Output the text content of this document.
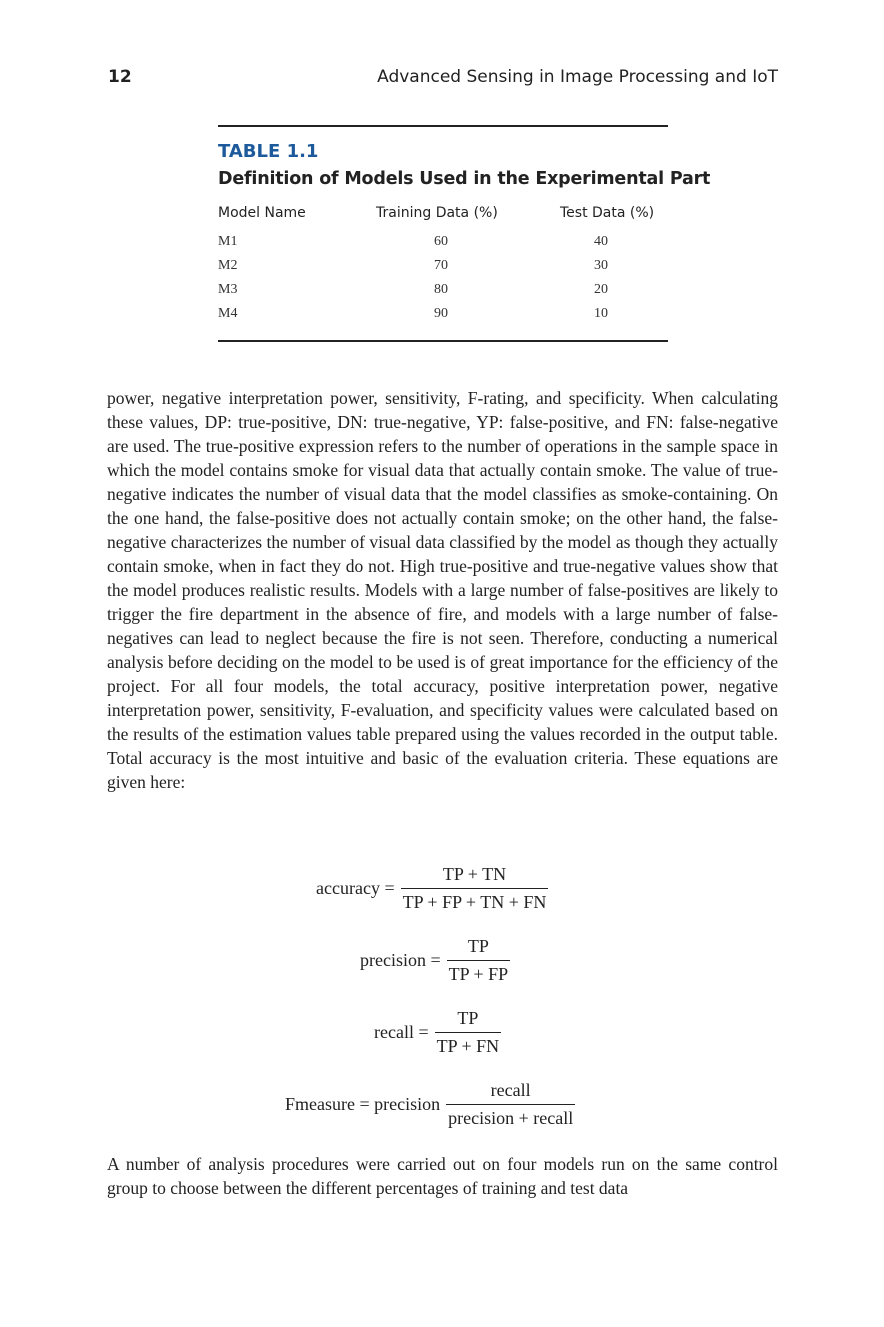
12	Advanced Sensing in Image Processing and IoT
TABLE 1.1
Definition of Models Used in the Experimental Part
Model Name	Training Data (%)	Test Data (%)
M1	60	40
M2	70	30
M3	80	20
M4	90	10

power, negative interpretation power, sensitivity, F-rating, and specificity. When calculating these values, DP: true-positive, DN: true-negative, YP: false-positive, and FN: false-negative are used. The true-positive expression refers to the number of operations in the sample space in which the model contains smoke for visual data that actually contain smoke. The value of true-negative indicates the number of visual data that the model classifies as smoke-containing. On the one hand, the false-positive does not actually contain smoke; on the other hand, the false-negative characterizes the number of visual data classified by the model as though they actually contain smoke, when in fact they do not. High true-positive and true-negative values show that the model produces realistic results. Models with a large number of false-positives are likely to trigger the fire department in the absence of fire, and models with a large number of false-negatives can lead to neglect because the fire is not seen. Therefore, conducting a numerical analysis before deciding on the model to be used is of great importance for the efficiency of the project. For all four models, the total accuracy, positive interpretation power, negative interpretation power, sensitivity, F-evaluation, and specificity values were calculated based on the results of the estimation values table prepared using the values recorded in the output table. Total accuracy is the most intuitive and basic of the evaluation criteria. These equations are given here:

accuracy = $\frac{TP + TN}{TP + FP + TN + FN}$
precision = $\frac{TP}{TP + FP}$
recall = $\frac{TP}{TP + FN}$
Fmeasure = precision $\frac{\text{recall}}{\text{precision + recall}}$

A number of analysis procedures were carried out on four models run on the same control group to choose between the different percentages of training and test data
